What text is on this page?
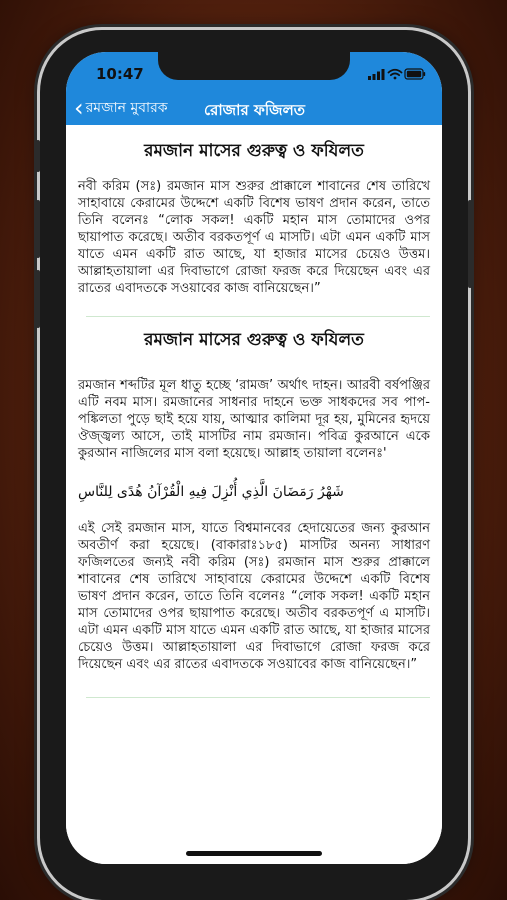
10:47
‹ রমজান মুবারক রোজার ফজিলত
রমজান মাসের গুরুত্ব ও ফযিলত

নবী করিম (সঃ) রমজান মাস শুরুর প্রাক্কালে শাবানের শেষ তারিখে সাহাবায়ে কেরামের উদ্দেশে একটি বিশেষ ভাষণ প্রদান করেন, তাতে তিনি বলেনঃ “লোক সকল! একটি মহান মাস তোমাদের ওপর ছায়াপাত করেছে। অতীব বরকতপূর্ণ এ মাসটি। এটা এমন একটি মাস যাতে এমন একটি রাত আছে, যা হাজার মাসের চেয়েও উত্তম। আল্লাহতায়ালা এর দিবাভাগে রোজা ফরজ করে দিয়েছেন এবং এর রাতের এবাদতকে সওয়াবের কাজ বানিয়েছেন।”

রমজান মাসের গুরুত্ব ও ফযিলত

রমজান শব্দটির মূল ধাতু হচ্ছে ‘রামজ’ অর্থাৎ দাহন। আরবী বর্ষপঞ্জির এটি নবম মাস। রমজানের সাধনার দাহনে ভক্ত সাধকদের সব পাপ-পঙ্কিলতা পুড়ে ছাই হয়ে যায়, আত্মার কালিমা দূর হয়, মুমিনের হৃদয়ে ঔজ্জ্বল্য আসে, তাই মাসটির নাম রমজান। পবিত্র কুরআনে একে কুরআন নাজিলের মাস বলা হয়েছে। আল্লাহ তায়ালা বলেনঃ'

شَهْرُ رَمَضَانَ الَّذِي أُنْزِلَ فِيهِ الْقُرْآنُ هُدًى لِلنَّاسِ

এই সেই রমজান মাস, যাতে বিশ্বমানবের হেদায়েতের জন্য কুরআন অবতীর্ণ করা হয়েছে। (বাকারাঃ১৮৫) মাসটির অনন্য সাধারণ ফজিলতের জন্যই নবী করিম (সঃ) রমজান মাস শুরুর প্রাক্কালে শাবানের শেষ তারিখে সাহাবায়ে কেরামের উদ্দেশে একটি বিশেষ ভাষণ প্রদান করেন, তাতে তিনি বলেনঃ “লোক সকল! একটি মহান মাস তোমাদের ওপর ছায়াপাত করেছে। অতীব বরকতপূর্ণ এ মাসটি। এটা এমন একটি মাস যাতে এমন একটি রাত আছে, যা হাজার মাসের চেয়েও উত্তম। আল্লাহতায়ালা এর দিবাভাগে রোজা ফরজ করে দিয়েছেন এবং এর রাতের এবাদতকে সওয়াবের কাজ বানিয়েছেন।”
